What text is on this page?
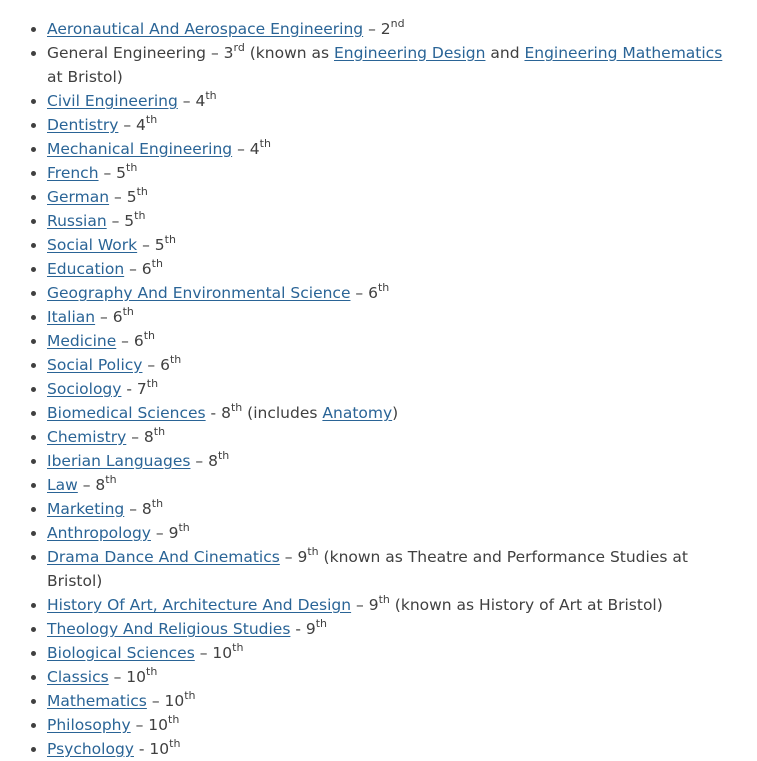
• Aeronautical And Aerospace Engineering – 2nd
• General Engineering – 3rd (known as Engineering Design and Engineering Mathematics at Bristol)
• Civil Engineering – 4th
• Dentistry – 4th
• Mechanical Engineering – 4th
• French – 5th
• German – 5th
• Russian – 5th
• Social Work – 5th
• Education – 6th
• Geography And Environmental Science – 6th
• Italian – 6th
• Medicine – 6th
• Social Policy – 6th
• Sociology - 7th
• Biomedical Sciences - 8th (includes Anatomy)
• Chemistry – 8th
• Iberian Languages – 8th
• Law – 8th
• Marketing – 8th
• Anthropology – 9th
• Drama Dance And Cinematics – 9th (known as Theatre and Performance Studies at Bristol)
• History Of Art, Architecture And Design – 9th (known as History of Art at Bristol)
• Theology And Religious Studies - 9th
• Biological Sciences – 10th
• Classics – 10th
• Mathematics – 10th
• Philosophy – 10th
• Psychology - 10th
